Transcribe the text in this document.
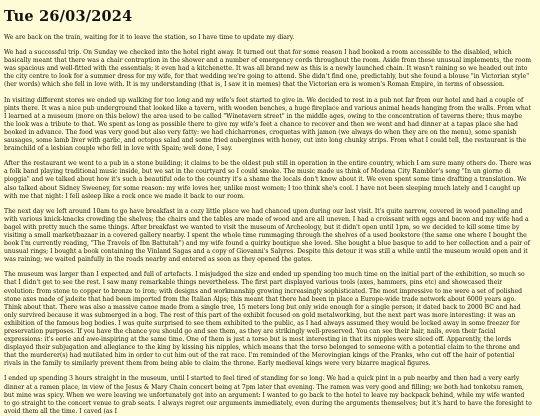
Tue 26/03/2024

We are back on the train, waiting for it to leave the station, so I have time to update my diary.

We had a successful trip. On Sunday we checked into the hotel right away. It turned out that for some reason I had booked a room accessible to the disabled, which basically meant that there was a chair contraption in the shower and a number of emergency cords throughout the room. Aside from these unusual implements, the room was spacious and well-fitted with the essentials; it even had a kitchenette. It was all brand new as this is a newly launched chain. It wasn't raining so we headed out into the city centre to look for a summer dress for my wife, for that wedding we're going to attend. She didn't find one, predictably, but she found a blouse "in Victorian style" (her words) which she fell in love with. It is my understanding (that is, I saw it in memes) that the Victorian era is women's Roman Empire, in terms of obsession.

In visiting different stores we ended up walking for too long and my wife's feet started to give in. We decided to rest in a pub not far from our hotel and had a couple of pints there. It was a nice pub underground that looked like a tavern, with wooden benches, a huge fireplace and various animal heads hanging from the walls. From what I learned at a museum (more on this below) the area used to be called "Winetavern street" in the middle ages, owing to the concentration of taverns there; thus maybe the look was a tribute to that. We spent as long as possible there to give my wife's feet a chance to recover and then we went and had dinner at a tapas place she had booked in advance. The food was very good but also very fatty: we had chicharrones, croquetas with jamon (we always do when they are on the menu), some spanish sausages, some lamb liver with garlic, and octopus salad and some fried aubergines with honey, cut into long chunky strips. From what I could tell, the restaurant is the brainchild of a lesbian couple who fell in love with Spain; well done, I say.

After the restaurant we went to a pub in a stone building; it claims to be the oldest pub still in operation in the entire country, which I am sure many others do. There was a folk band playing traditional music inside, but we sat in the courtyard so I could smoke. The music made us think of Modena City Rambler's song "In un giorno di pioggia" and we talked about how it's such a beautiful ode to the country it's a shame the locals don't know about it. We even spent some time drafting a translation. We also talked about Sidney Sweeney, for some reason: my wife loves her, unlike most women; I too think she's cool. I have not been sleeping much lately and I caught up with me that night: I fell asleep like a rock once we made it back to our room.

The next day we left around 10am to go have breakfast in a cozy little place we had chanced upon during our last visit. It's quite narrow, covered in wood paneling and with various knick-knacks crowding the shelves; the chairs and the tables are made of wood and are all uneven. I had a croissant with eggs and bacon and my wife had a bagel with pretty much the same things. After breakfast we wanted to visit the museum of Archeology, but it didn't open until 1pm, so we decided to kill some time by visiting a small market/bazaar in a covered gallery nearby. I spent the whole time rummaging through the shelves of a used bookstore (the same one where I bought the book I'm currently reading, "The Travels of Ibn Battutah") and my wife found a quirky boutique she loved. She bought a blue basque to add to her collection and a pair of unusual rings; I bought a book containing the Vinland Sagas and a copy of Giovanni's Salyres. Despite this detour it was still a while until the museum would open and it was raining; we waited painfully in the roads nearby and entered as soon as they opened the gates.

The museum was larger than I expected and full of artefacts. I misjudged the size and ended up spending too much time on the initial part of the exhibition, so much so that I didn't get to see the rest. I saw many remarkable things nevertheless. The first part displayed various tools (axes, hammers, pins etc) and showcased their evolution: from stone to copper to bronze to iron; with designs and workmanship growing increasingly sophisticated. The most impressive to me were a set of polished stone axes made of jadeite that had been imported from the Italian Alps; this meant that there had been in place a Europe-wide trade network about 6000 years ago. Think about that. There was also a massive canoe made from a single tree, 15 meters long but only wide enough for a single person; it dated back to 2000 BC and had only survived because it was submerged in a bog. The rest of this part of the exhibit focused on gold metalworking, but the next part was more interesting: it was an exhibition of the famous bog bodies. I was quite surprised to see them exhibited to the public, as I had always assumed they would be locked away in some freezer for preservation purposes. If you have the chance you should go and see them, as they are strikingly well-preserved. You can see their hair, nails, even their facial expressions: it's eerie and awe-inspiring at the same time. One of them is just a torso but is most interesting in that its nipples were sliced off. Apparently, the lords displayed their subjugation and allegiance to the king by kissing his nipples, which means that the torso belonged to someone with a potential claim to the throne and that the murderer(s) had mutilated him in order to cut him out of the rat race. I'm reminded of the Merovingian kings of the Franks, who cut off the hair of potential rivals in the family to similarly prevent them from being able to claim the throne. Early medieval kings were very bizarre magical figures.

I ended up spending 3 hours straight in the museum, until I started to feel tired of standing for so long. We had a quick pint in a pub nearby and then had a very early dinner at a ramen place, in view of the Jesus & Mary Chain concert being at 7pm later that evening. The ramen was very good and filling; we both had tonkotsu ramen, but mine was spicy. When we were leaving we unfortunately got into an argument: I wanted to go back to the hotel to leave my backpack behind, while my wife wanted to go straight to the concert venue to grab seats. I always regret our arguments immediately, even during the arguments themselves; but it's hard to have the foresight to avoid them all the time. I caved (as I
